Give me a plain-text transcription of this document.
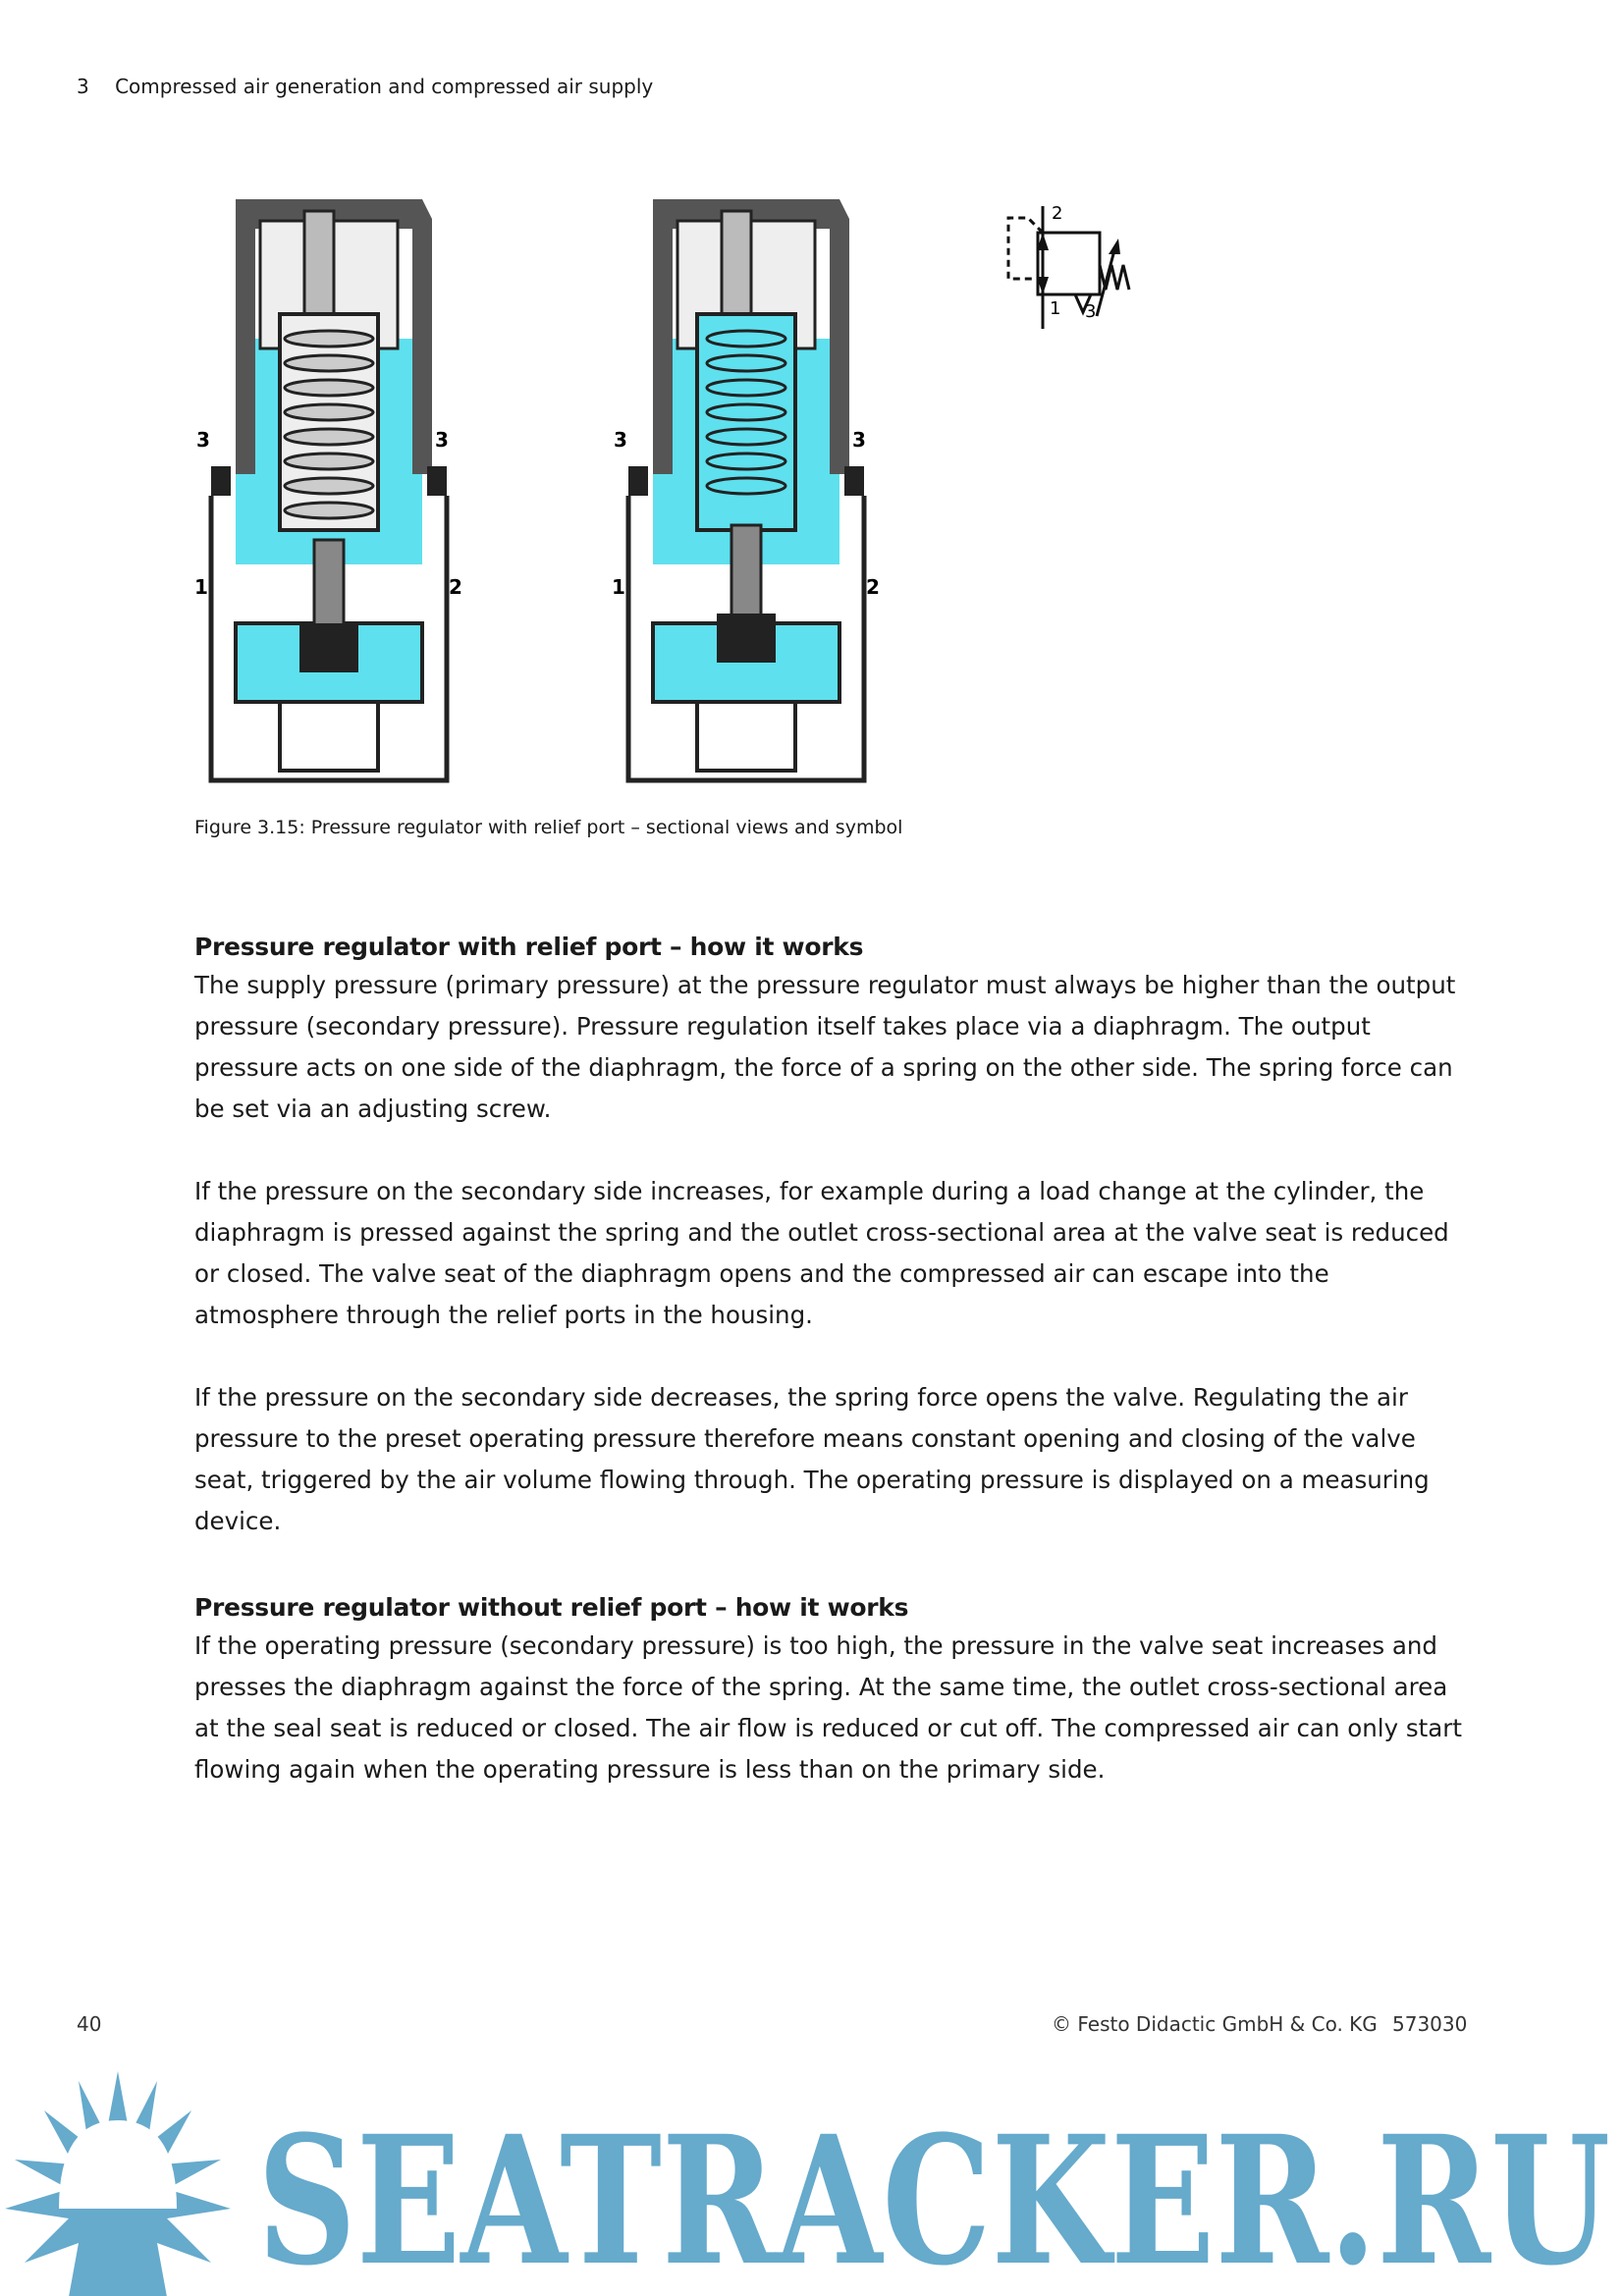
3 Compressed air generation and compressed air supply
3	3
1	2
3	3
1	2
2
1 3
Figure 3.15: Pressure regulator with relief port – sectional views and symbol
Pressure regulator with relief port – how it works

The supply pressure (primary pressure) at the pressure regulator must always be higher than the output pressure (secondary pressure). Pressure regulation itself takes place via a diaphragm. The output pressure acts on one side of the diaphragm, the force of a spring on the other side. The spring force can be set via an adjusting screw.

If the pressure on the secondary side increases, for example during a load change at the cylinder, the diaphragm is pressed against the spring and the outlet cross-sectional area at the valve seat is reduced or closed. The valve seat of the diaphragm opens and the compressed air can escape into the atmosphere through the relief ports in the housing.

If the pressure on the secondary side decreases, the spring force opens the valve. Regulating the air pressure to the preset operating pressure therefore means constant opening and closing of the valve seat, triggered by the air volume flowing through. The operating pressure is displayed on a measuring device.

Pressure regulator without relief port – how it works

If the operating pressure (secondary pressure) is too high, the pressure in the valve seat increases and presses the diaphragm against the force of the spring. At the same time, the outlet cross-sectional area at the seal seat is reduced or closed. The air flow is reduced or cut off. The compressed air can only start flowing again when the operating pressure is less than on the primary side.

SEATRACKER.RU
40	© Festo Didactic GmbH & Co. KG 573030
